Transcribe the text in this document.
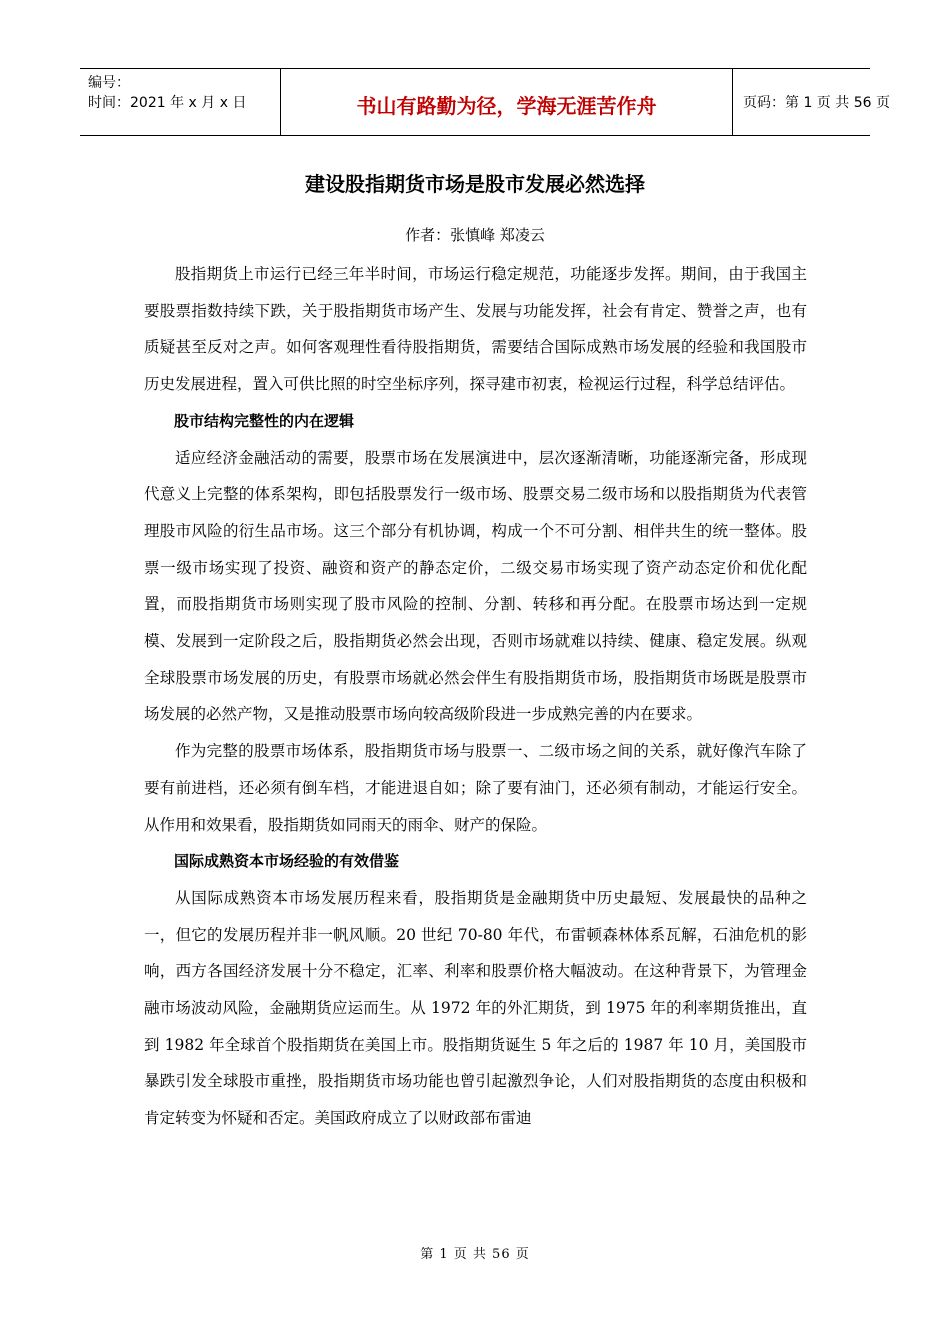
编号：
时间：2021 年 x 月 x 日	书山有路勤为径，学海无涯苦作舟	页码：第 1 页 共 56 页
建设股指期货市场是股市发展必然选择
作者：张慎峰 郑凌云

股指期货上市运行已经三年半时间，市场运行稳定规范，功能逐步发挥。期间，由于我国主要股票指数持续下跌，关于股指期货市场产生、发展与功能发挥，社会有肯定、赞誉之声，也有质疑甚至反对之声。如何客观理性看待股指期货，需要结合国际成熟市场发展的经验和我国股市历史发展进程，置入可供比照的时空坐标序列，探寻建市初衷，检视运行过程，科学总结评估。

股市结构完整性的内在逻辑

适应经济金融活动的需要，股票市场在发展演进中，层次逐渐清晰，功能逐渐完备，形成现代意义上完整的体系架构，即包括股票发行一级市场、股票交易二级市场和以股指期货为代表管理股市风险的衍生品市场。这三个部分有机协调，构成一个不可分割、相伴共生的统一整体。股票一级市场实现了投资、融资和资产的静态定价，二级交易市场实现了资产动态定价和优化配置，而股指期货市场则实现了股市风险的控制、分割、转移和再分配。在股票市场达到一定规模、发展到一定阶段之后，股指期货必然会出现，否则市场就难以持续、健康、稳定发展。纵观全球股票市场发展的历史，有股票市场就必然会伴生有股指期货市场，股指期货市场既是股票市场发展的必然产物，又是推动股票市场向较高级阶段进一步成熟完善的内在要求。

作为完整的股票市场体系，股指期货市场与股票一、二级市场之间的关系，就好像汽车除了要有前进档，还必须有倒车档，才能进退自如；除了要有油门，还必须有制动，才能运行安全。从作用和效果看，股指期货如同雨天的雨伞、财产的保险。

国际成熟资本市场经验的有效借鉴

从国际成熟资本市场发展历程来看，股指期货是金融期货中历史最短、发展最快的品种之一，但它的发展历程并非一帆风顺。20 世纪 70-80 年代，布雷顿森林体系瓦解，石油危机的影响，西方各国经济发展十分不稳定，汇率、利率和股票价格大幅波动。在这种背景下，为管理金融市场波动风险，金融期货应运而生。从 1972 年的外汇期货，到 1975 年的利率期货推出，直到 1982 年全球首个股指期货在美国上市。股指期货诞生 5 年之后的 1987 年 10 月，美国股市暴跌引发全球股市重挫，股指期货市场功能也曾引起激烈争论，人们对股指期货的态度由积极和肯定转变为怀疑和否定。美国政府成立了以财政部布雷迪

第 1 页 共 56 页
